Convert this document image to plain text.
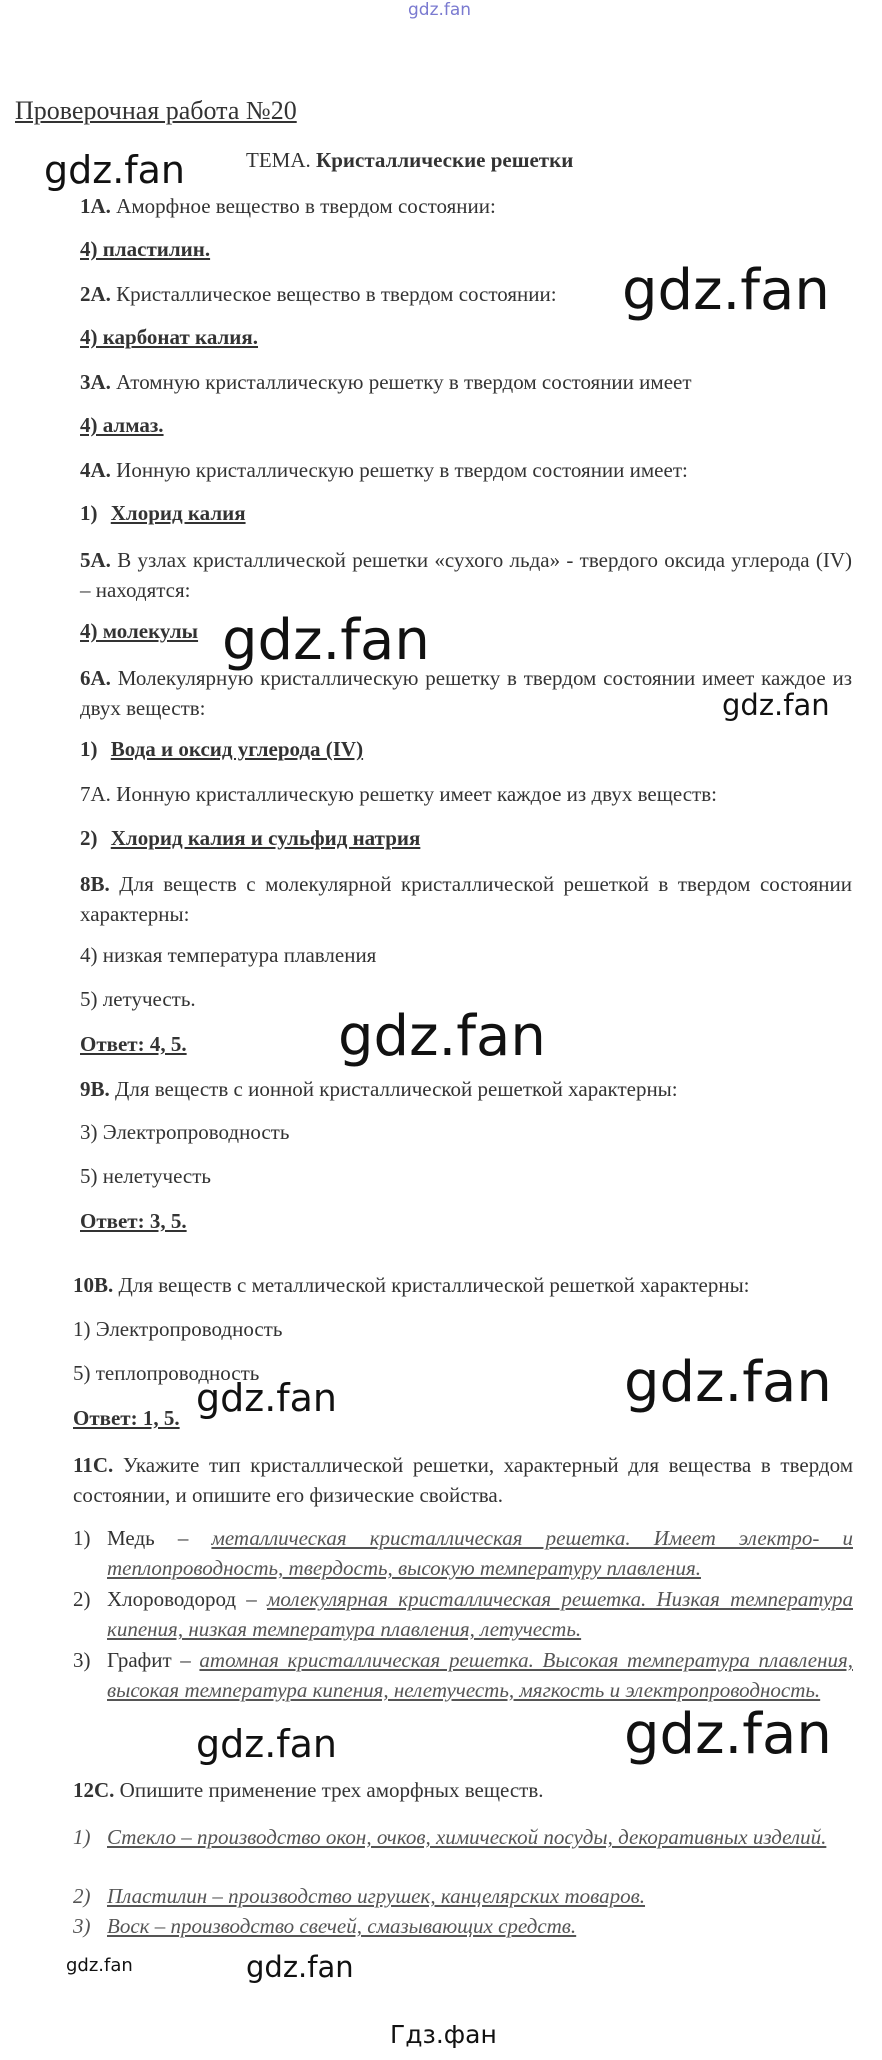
gdz.fan
gdz.fan
gdz.fan
gdz.fan
gdz.fan
gdz.fan
gdz.fan
gdz.fan
gdz.fan
gdz.fan
gdz.fan	gdz.fan
Гдз.фан
Проверочная работа №20
ТЕМА. Кристаллические решетки
1А. Аморфное вещество в твердом состоянии:
4) пластилин.
2А. Кристаллическое вещество в твердом состоянии:
4) карбонат калия.
3А. Атомную кристаллическую решетку в твердом состоянии имеет
4) алмаз.
4А. Ионную кристаллическую решетку в твердом состоянии имеет:
1) Хлорид калия
5А. В узлах кристаллической решетки «сухого льда» - твердого оксида углерода (IV) – находятся:
4) молекулы
6А. Молекулярную кристаллическую решетку в твердом состоянии имеет каждое из двух веществ:
1) Вода и оксид углерода (IV)
7А. Ионную кристаллическую решетку имеет каждое из двух веществ:
2) Хлорид калия и сульфид натрия
8В. Для веществ с молекулярной кристаллической решеткой в твердом состоянии характерны:
4) низкая температура плавления
5) летучесть.
Ответ: 4, 5.
9В. Для веществ с ионной кристаллической решеткой характерны:
3) Электропроводность
5) нелетучесть
Ответ: 3, 5.
10В. Для веществ с металлической кристаллической решеткой характерны:
1) Электропроводность
5) теплопроводность
Ответ: 1, 5.
11С. Укажите тип кристаллической решетки, характерный для вещества в твердом состоянии, и опишите его физические свойства.
1) Медь – металлическая кристаллическая решетка. Имеет электро- и теплопроводность, твердость, высокую температуру плавления.
2) Хлороводород – молекулярная кристаллическая решетка. Низкая температура кипения, низкая температура плавления, летучесть.
3) Графит – атомная кристаллическая решетка. Высокая температура плавления, высокая температура кипения, нелетучесть, мягкость и электропроводность.
12С. Опишите применение трех аморфных веществ.
1) Стекло – производство окон, очков, химической посуды, декоративных изделий.
2) Пластилин – производство игрушек, канцелярских товаров.
3) Воск – производство свечей, смазывающих средств.
